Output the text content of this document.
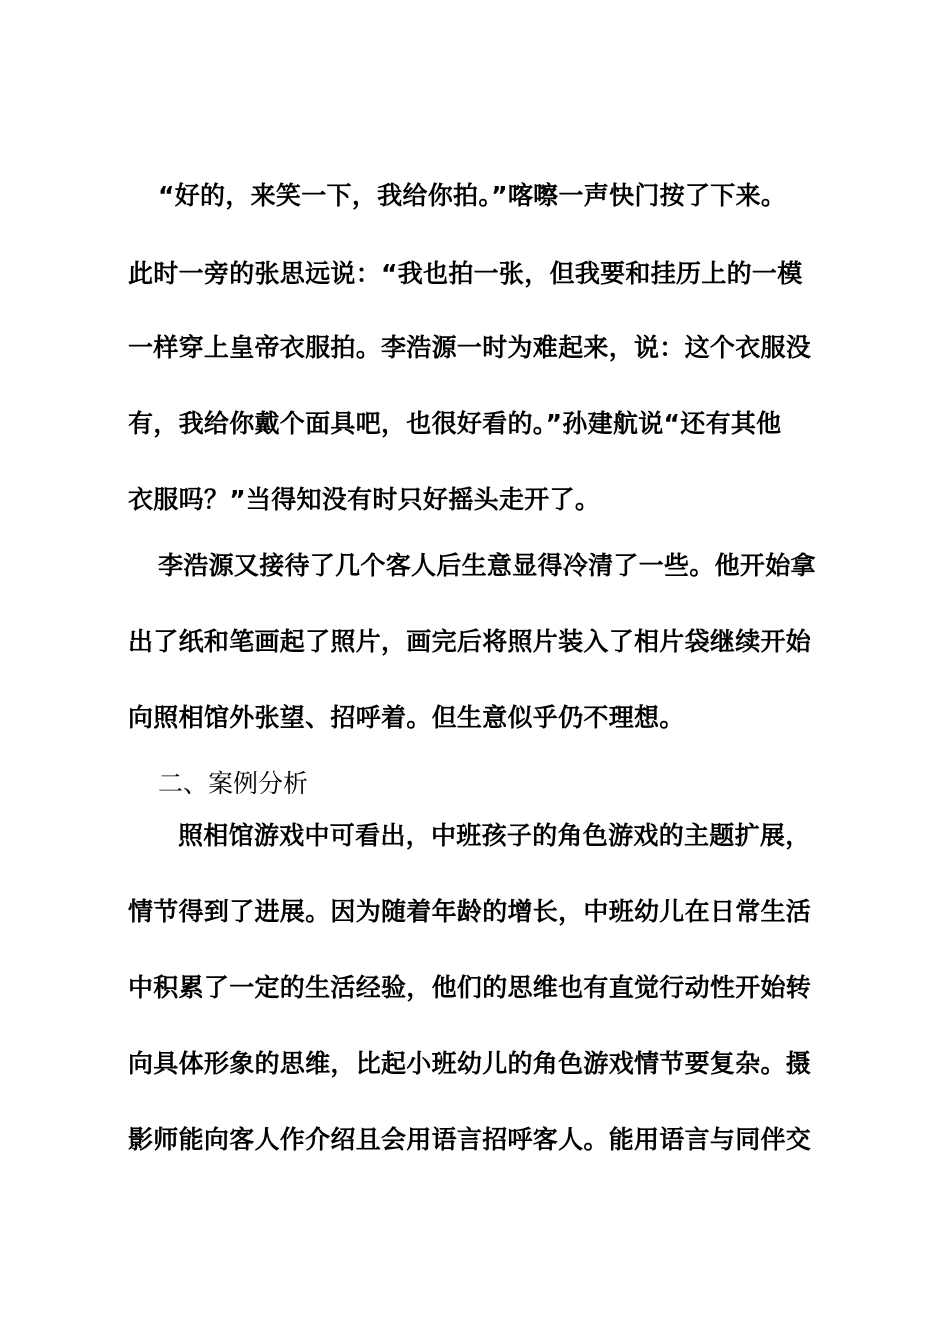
“好的，来笑一下，我给你拍。”喀嚓一声快门按了下来。
此时一旁的张思远说：“我也拍一张，但我要和挂历上的一模
一样穿上皇帝衣服拍。李浩源一时为难起来，说：这个衣服没
有，我给你戴个面具吧，也很好看的。”孙建航说“还有其他
衣服吗？”当得知没有时只好摇头走开了。
李浩源又接待了几个客人后生意显得冷清了一些。他开始拿
出了纸和笔画起了照片，画完后将照片装入了相片袋继续开始
向照相馆外张望、招呼着。但生意似乎仍不理想。
二、案例分析
照相馆游戏中可看出，中班孩子的角色游戏的主题扩展，
情节得到了进展。因为随着年龄的增长，中班幼儿在日常生活
中积累了一定的生活经验，他们的思维也有直觉行动性开始转
向具体形象的思维，比起小班幼儿的角色游戏情节要复杂。摄
影师能向客人作介绍且会用语言招呼客人。能用语言与同伴交
